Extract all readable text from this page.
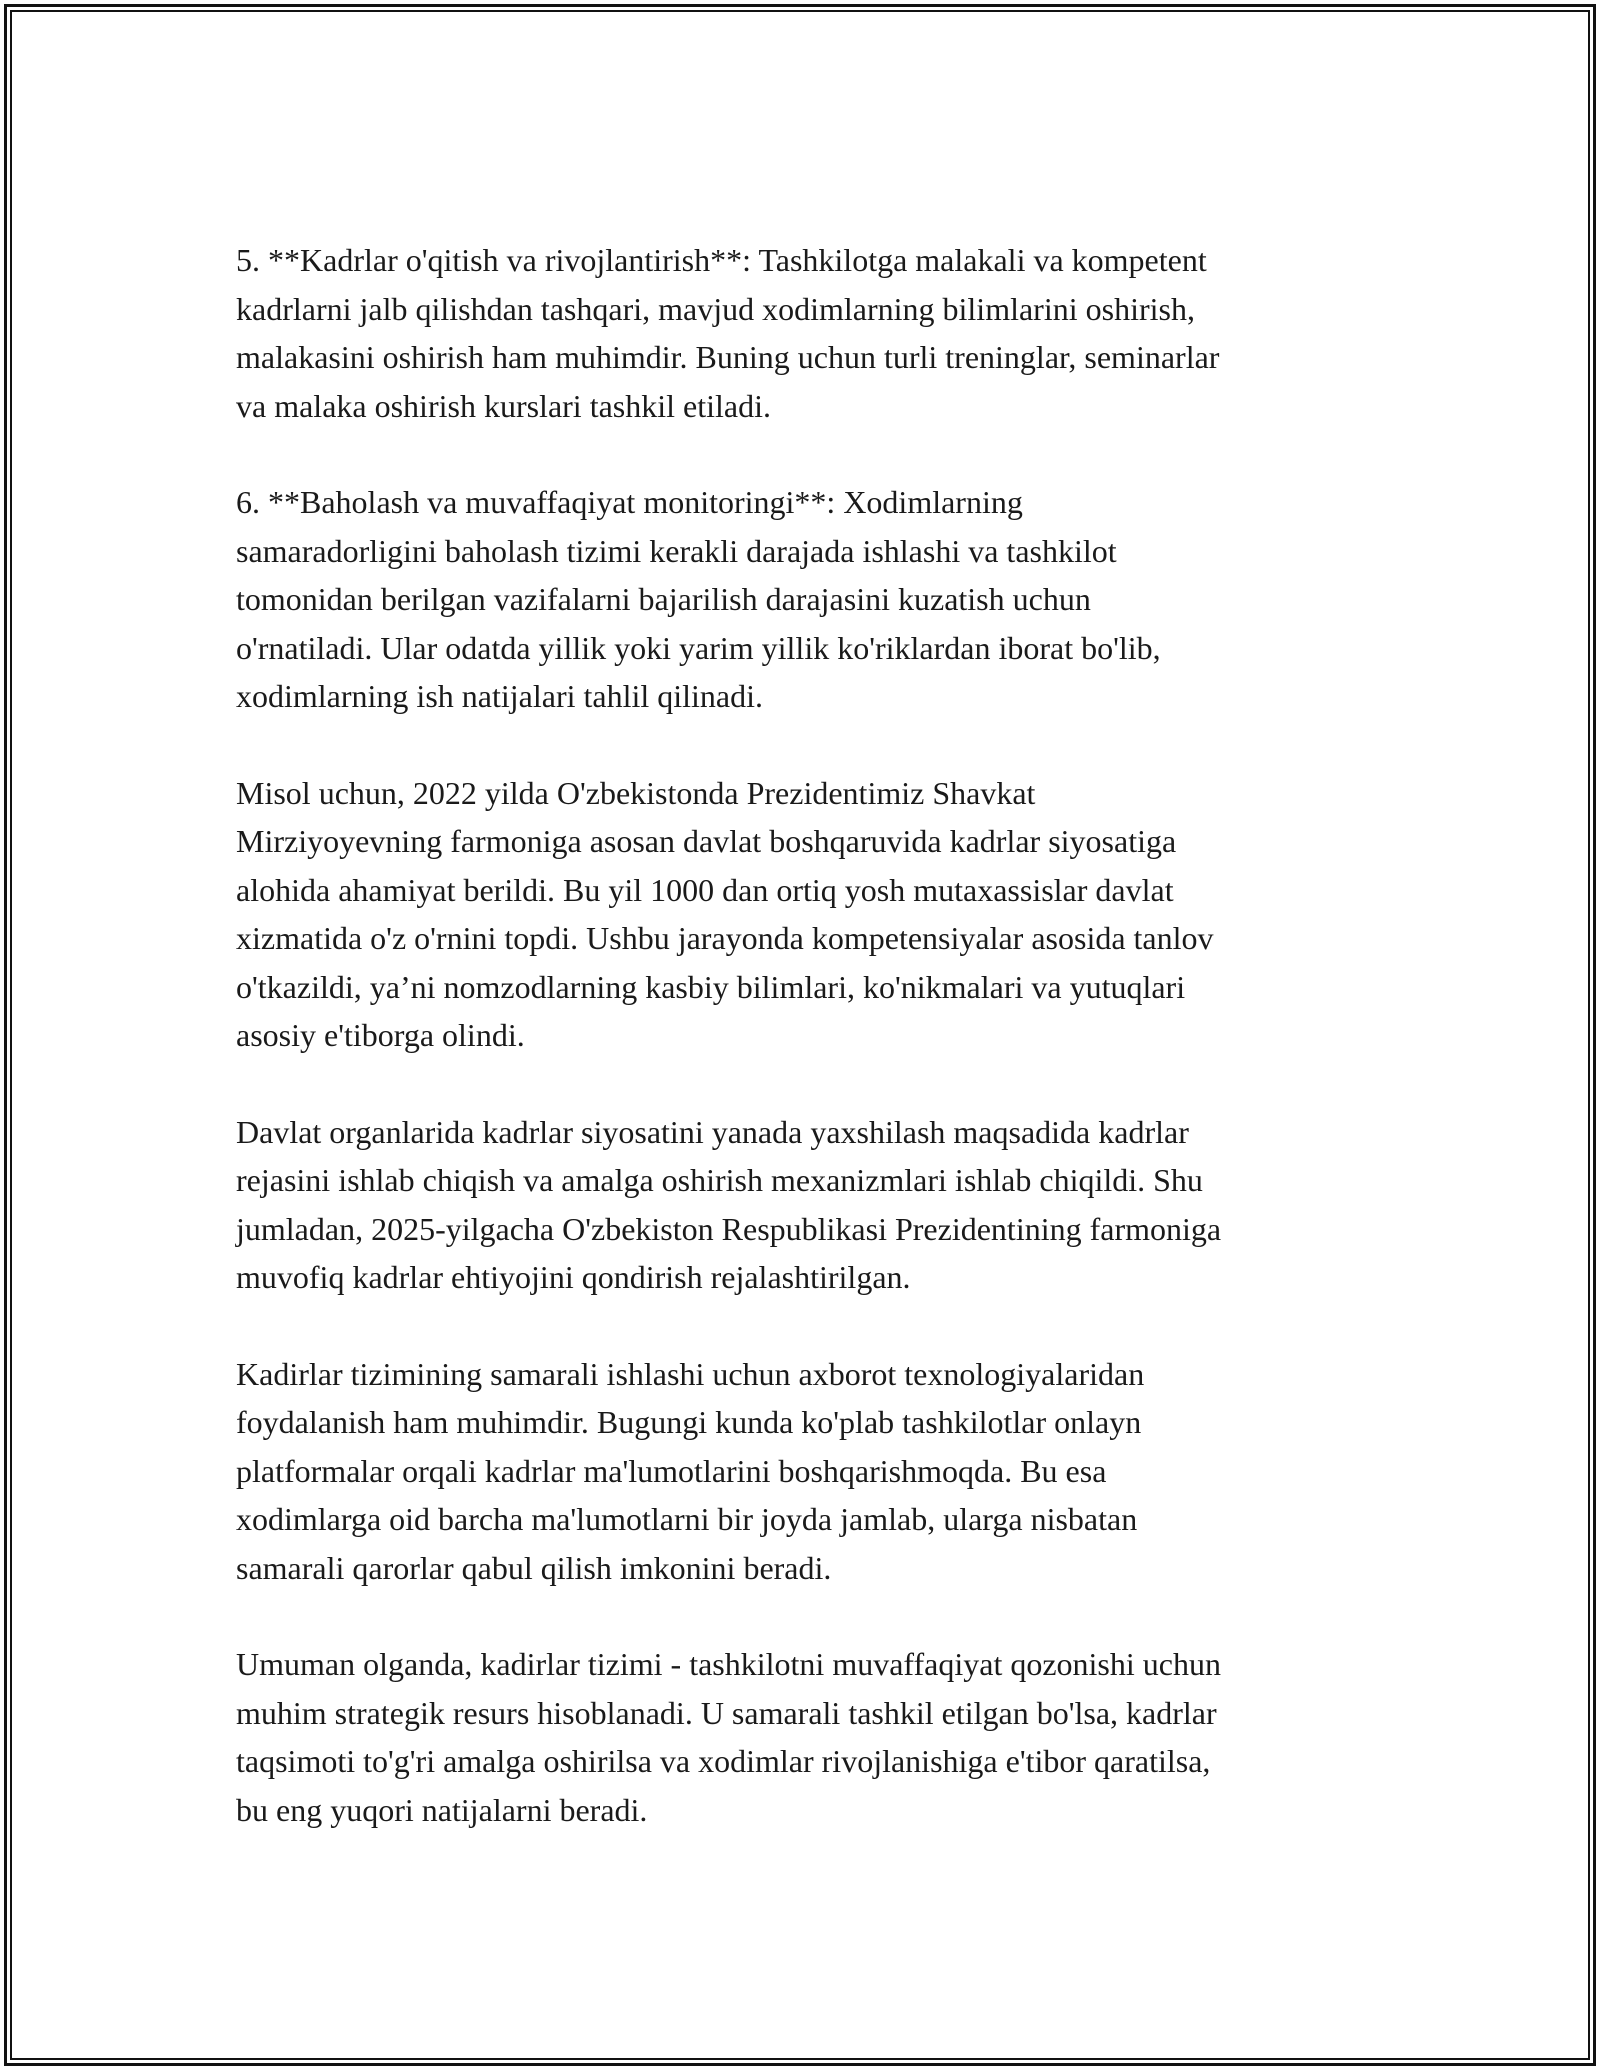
5. **Kadrlar o'qitish va rivojlantirish**: Tashkilotga malakali va kompetent
kadrlarni jalb qilishdan tashqari, mavjud xodimlarning bilimlarini oshirish,
malakasini oshirish ham muhimdir. Buning uchun turli treninglar, seminarlar
va malaka oshirish kurslari tashkil etiladi.

6. **Baholash va muvaffaqiyat monitoringi**: Xodimlarning
samaradorligini baholash tizimi kerakli darajada ishlashi va tashkilot
tomonidan berilgan vazifalarni bajarilish darajasini kuzatish uchun
o'rnatiladi. Ular odatda yillik yoki yarim yillik ko'riklardan iborat bo'lib,
xodimlarning ish natijalari tahlil qilinadi.

Misol uchun, 2022 yilda O'zbekistonda Prezidentimiz Shavkat
Mirziyoyevning farmoniga asosan davlat boshqaruvida kadrlar siyosatiga
alohida ahamiyat berildi. Bu yil 1000 dan ortiq yosh mutaxassislar davlat
xizmatida o'z o'rnini topdi. Ushbu jarayonda kompetensiyalar asosida tanlov
o'tkazildi, ya’ni nomzodlarning kasbiy bilimlari, ko'nikmalari va yutuqlari
asosiy e'tiborga olindi.

Davlat organlarida kadrlar siyosatini yanada yaxshilash maqsadida kadrlar
rejasini ishlab chiqish va amalga oshirish mexanizmlari ishlab chiqildi. Shu
jumladan, 2025-yilgacha O'zbekiston Respublikasi Prezidentining farmoniga
muvofiq kadrlar ehtiyojini qondirish rejalashtirilgan.

Kadirlar tizimining samarali ishlashi uchun axborot texnologiyalaridan
foydalanish ham muhimdir. Bugungi kunda ko'plab tashkilotlar onlayn
platformalar orqali kadrlar ma'lumotlarini boshqarishmoqda. Bu esa
xodimlarga oid barcha ma'lumotlarni bir joyda jamlab, ularga nisbatan
samarali qarorlar qabul qilish imkonini beradi.

Umuman olganda, kadirlar tizimi - tashkilotni muvaffaqiyat qozonishi uchun
muhim strategik resurs hisoblanadi. U samarali tashkil etilgan bo'lsa, kadrlar
taqsimoti to'g'ri amalga oshirilsa va xodimlar rivojlanishiga e'tibor qaratilsa,
bu eng yuqori natijalarni beradi.
